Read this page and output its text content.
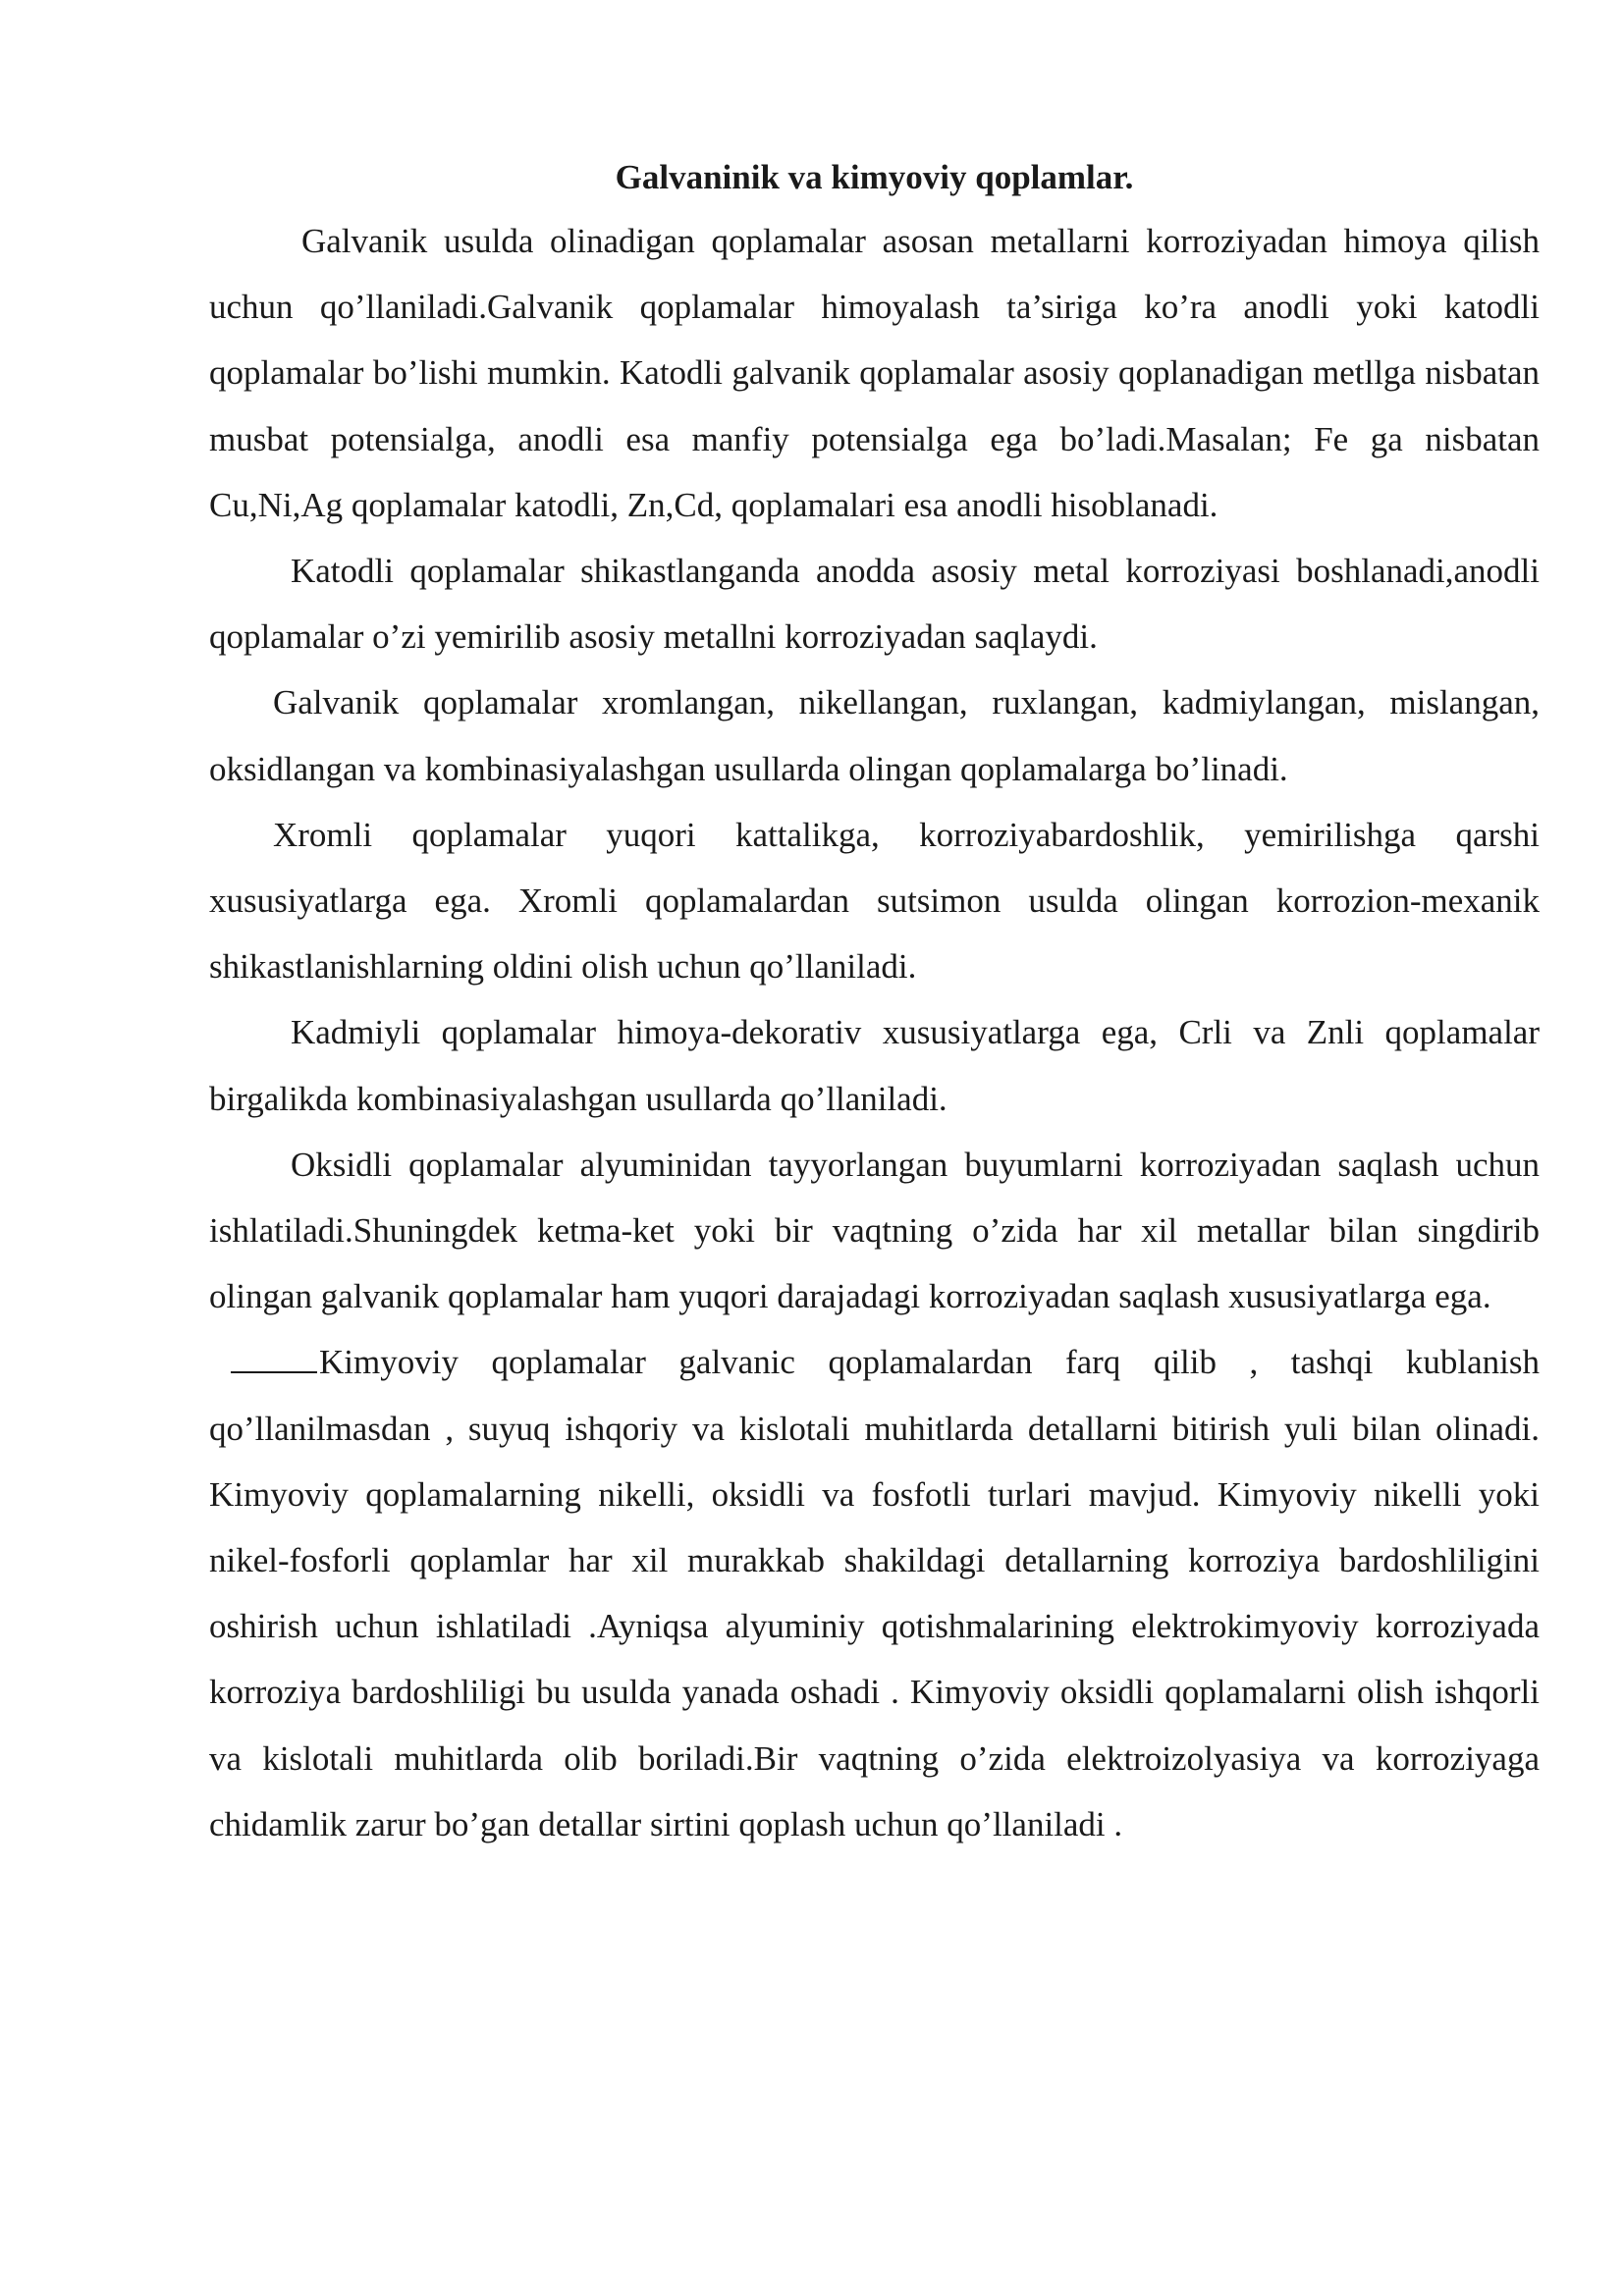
Galvaninik va kimyoviy qoplamlar.

Galvanik usulda olinadigan qoplamalar asosan metallarni korroziyadan himoya qilish uchun qo’llaniladi.Galvanik qoplamalar himoyalash ta’siriga ko’ra anodli yoki katodli qoplamalar bo’lishi mumkin. Katodli galvanik qoplamalar asosiy qoplanadigan metllga nisbatan musbat potensialga, anodli esa manfiy potensialga ega bo’ladi.Masalan; Fe ga nisbatan Cu,Ni,Ag qoplamalar katodli, Zn,Cd, qoplamalari esa anodli hisoblanadi.

Katodli qoplamalar shikastlanganda anodda asosiy metal korroziyasi boshlanadi,anodli qoplamalar o’zi yemirilib asosiy metallni korroziyadan saqlaydi.

Galvanik qoplamalar xromlangan, nikellangan, ruxlangan, kadmiylangan, mislangan, oksidlangan va kombinasiyalashgan usullarda olingan qoplamalarga bo’linadi.

Xromli qoplamalar yuqori kattalikga, korroziyabardoshlik, yemirilishga qarshi xususiyatlarga ega. Xromli qoplamalardan sutsimon usulda olingan korrozion-mexanik shikastlanishlarning oldini olish uchun qo’llaniladi.

Kadmiyli qoplamalar himoya-dekorativ xususiyatlarga ega, Crli va Znli qoplamalar birgalikda kombinasiyalashgan usullarda qo’llaniladi.

Oksidli qoplamalar alyuminidan tayyorlangan buyumlarni korroziyadan saqlash uchun ishlatiladi.Shuningdek ketma-ket yoki bir vaqtning o’zida har xil metallar bilan singdirib olingan galvanik qoplamalar ham yuqori darajadagi korroziyadan saqlash xususiyatlarga ega.

Kimyoviy qoplamalar galvanic qoplamalardan farq qilib , tashqi kublanish qo’llanilmasdan , suyuq ishqoriy va kislotali muhitlarda detallarni bitirish yuli bilan olinadi. Kimyoviy qoplamalarning nikelli, oksidli va fosfotli turlari mavjud. Kimyoviy nikelli yoki nikel-fosforli qoplamlar har xil murakkab shakildagi detallarning korroziya bardoshliligini oshirish uchun ishlatiladi .Ayniqsa alyuminiy qotishmalarining elektrokimyoviy korroziyada korroziya bardoshliligi bu usulda yanada oshadi . Kimyoviy oksidli qoplamalarni olish ishqorli va kislotali muhitlarda olib boriladi.Bir vaqtning o’zida elektroizolyasiya va korroziyaga chidamlik zarur bo’gan detallar sirtini qoplash uchun qo’llaniladi .
